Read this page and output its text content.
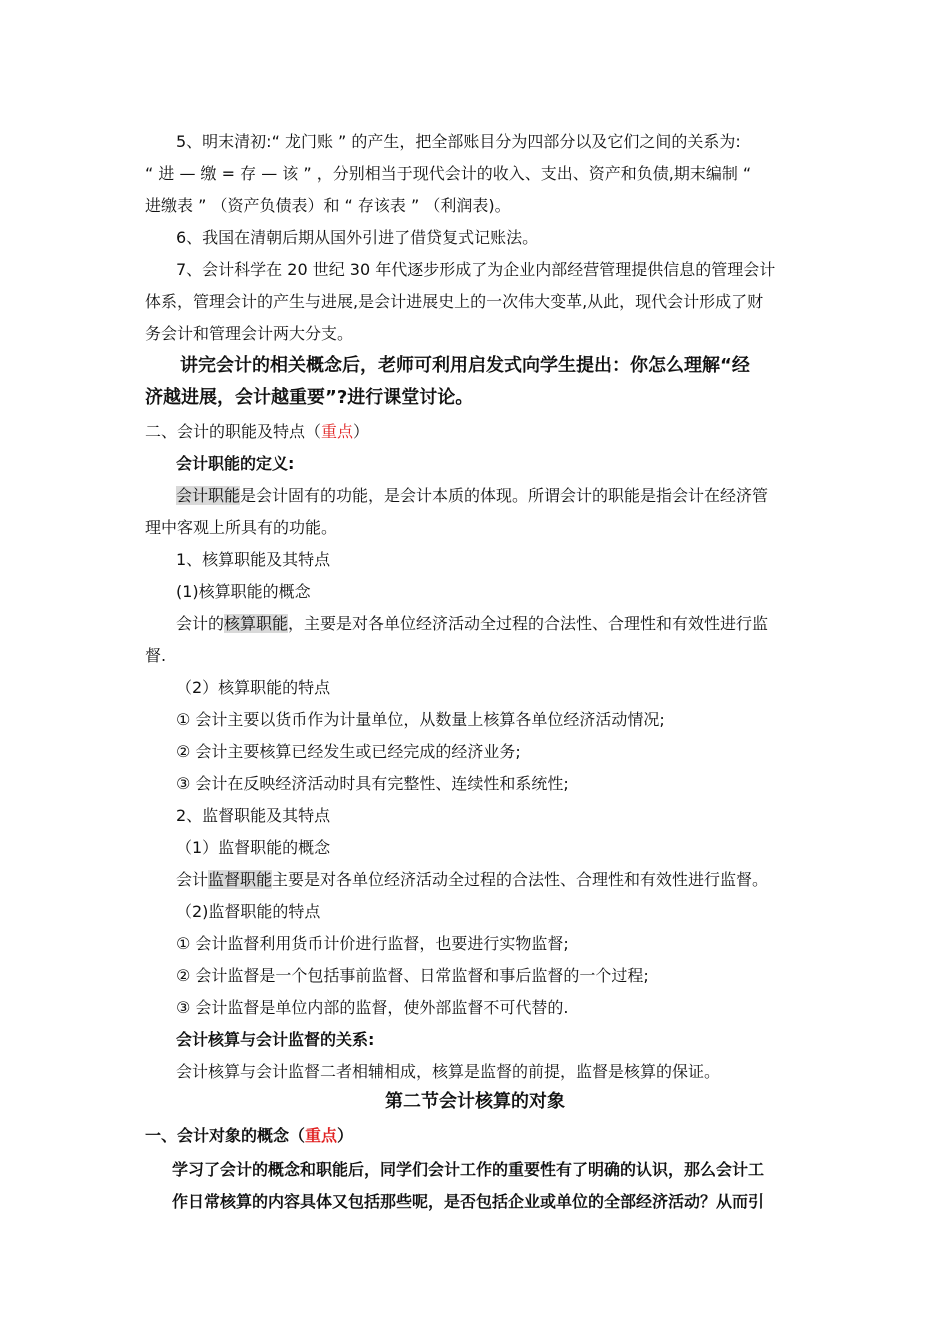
5、明末清初:“ 龙门账 ” 的产生，把全部账目分为四部分以及它们之间的关系为:
“ 进 — 缴 = 存 — 该 ” ，分别相当于现代会计的收入、支出、资产和负债,期末编制 “
进缴表 ” （资产负债表）和 “ 存该表 ” （利润表)。
6、我国在清朝后期从国外引进了借贷复式记账法。
7、会计科学在 20 世纪 30 年代逐步形成了为企业内部经营管理提供信息的管理会计
体系，管理会计的产生与进展,是会计进展史上的一次伟大变革,从此，现代会计形成了财
务会计和管理会计两大分支。
讲完会计的相关概念后，老师可利用启发式向学生提出：你怎么理解“经
济越进展，会计越重要”?进行课堂讨论。
二、会计的职能及特点（重点）
会计职能的定义:
会计职能是会计固有的功能，是会计本质的体现。所谓会计的职能是指会计在经济管
理中客观上所具有的功能。
1、核算职能及其特点
(1)核算职能的概念
会计的核算职能，主要是对各单位经济活动全过程的合法性、合理性和有效性进行监
督.
（2）核算职能的特点
① 会计主要以货币作为计量单位，从数量上核算各单位经济活动情况;
② 会计主要核算已经发生或已经完成的经济业务;
③ 会计在反映经济活动时具有完整性、连续性和系统性;
2、监督职能及其特点
（1）监督职能的概念
会计监督职能主要是对各单位经济活动全过程的合法性、合理性和有效性进行监督。
（2)监督职能的特点
① 会计监督利用货币计价进行监督，也要进行实物监督;
② 会计监督是一个包括事前监督、日常监督和事后监督的一个过程;
③ 会计监督是单位内部的监督，使外部监督不可代替的.
会计核算与会计监督的关系:
会计核算与会计监督二者相辅相成，核算是监督的前提，监督是核算的保证。
第二节会计核算的对象
一、会计对象的概念（重点）
学习了会计的概念和职能后，同学们会计工作的重要性有了明确的认识，那么会计工
作日常核算的内容具体又包括那些呢，是否包括企业或单位的全部经济活动？从而引
